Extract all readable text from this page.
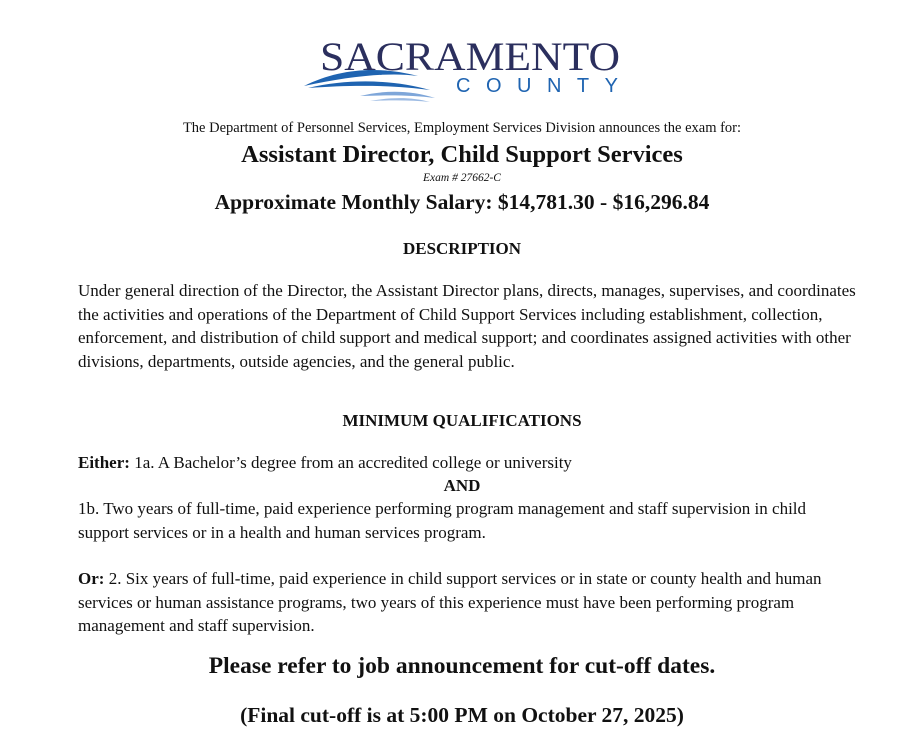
SACRAMENTO
COUNTY
The Department of Personnel Services, Employment Services Division announces the exam for:
Assistant Director, Child Support Services
Exam # 27662-C
Approximate Monthly Salary: $14,781.30 - $16,296.84
DESCRIPTION
Under general direction of the Director, the Assistant Director plans, directs, manages, supervises, and coordinates the activities and operations of the Department of Child Support Services including establishment, collection, enforcement, and distribution of child support and medical support; and coordinates assigned activities with other divisions, departments, outside agencies, and the general public.
MINIMUM QUALIFICATIONS
Either: 1a. A Bachelor’s degree from an accredited college or university
AND
1b. Two years of full-time, paid experience performing program management and staff supervision in child support services or in a health and human services program.
Or: 2. Six years of full-time, paid experience in child support services or in state or county health and human services or human assistance programs, two years of this experience must have been performing program management and staff supervision.
Please refer to job announcement for cut-off dates.
(Final cut-off is at 5:00 PM on October 27, 2025)
